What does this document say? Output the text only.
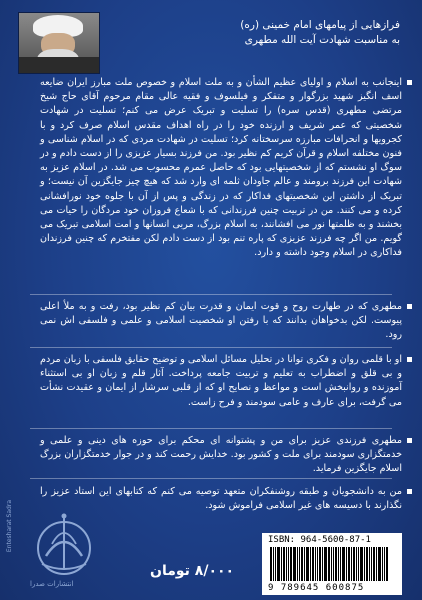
فرازهایی از پیامهای امام خمینی (ره)
به مناسبت شهادت آیت الله مطهری

اینجانب به اسلام و اولیای عظیم الشأن و به ملت اسلام و خصوص ملت مبارز ایران ضایعه اسف انگیز شهید بزرگوار و متفکر و فیلسوف و فقیه عالی مقام مرحوم آقای حاج شیخ مرتضی مطهری (قدس سره) را تسلیت و تبریک عرض می کنم؛ تسلیت در شهادت شخصیتی که عمر شریف و ارزنده خود را در راه اهداف مقدس اسلام صرف کرد و با کجرویها و انحرافات مبارزه سرسختانه کرد؛ تسلیت در شهادت مردی که در اسلام شناسی و فنون مختلفه اسلام و قرآن کریم کم نظیر بود. من فرزند بسیار عزیزی را از دست دادم و در سوگ او نشستم که از شخصیتهایی بود که حاصل عمرم محسوب می شد. در اسلام عزیز به شهادت این فرزند برومند و عالم جاودان ثلمه ای وارد شد که هیچ چیز جایگزین آن نیست؛ و تبریک از داشتن این شخصیتهای فداکار که در زندگی و پس از آن با جلوه خود نورافشانی کرده و می کنند. من در تربیت چنین فرزندانی که با شعاع فروزان خود مردگان را حیات می بخشند و به ظلمتها نور می افشانند، به اسلام بزرگ، مربی انسانها و امت اسلامی تبریک می گویم. من اگر چه فرزند عزیزی که پاره تنم بود از دست دادم لکن مفتخرم که چنین فرزندان فداکاری در اسلام وجود داشته و دارد.

مطهری که در طهارت روح و قوت ایمان و قدرت بیان کم نظیر بود، رفت و به ملأ اعلی پیوست. لکن بدخواهان بدانند که با رفتن او شخصیت اسلامی و علمی و فلسفی اش نمی رود.

او با قلمی روان و فکری توانا در تحلیل مسائل اسلامی و توضیح حقایق فلسفی با زبان مردم و بی قلق و اضطراب به تعلیم و تربیت جامعه پرداخت. آثار قلم و زبان او بی استثناء آموزنده و روانبخش است و مواعظ و نصایح او که از قلبی سرشار از ایمان و عقیدت نشأت می گرفت، برای عارف و عامی سودمند و فرح زاست.

مطهری فرزندی عزیز برای من و پشتوانه ای محکم برای حوزه های دینی و علمی و خدمتگزاری سودمند برای ملت و کشور بود. خدایش رحمت کند و در جوار خدمتگزاران بزرگ اسلام جایگزین فرماید.

من به دانشجویان و طبقه روشنفکران متعهد توصیه می کنم که کتابهای این استاد عزیز را نگذارند با دسیسه های غیر اسلامی فراموش شود.

Entesharat Sadra
انتشارات صدرا
۸/۰۰۰ تومان
ISBN: 964-5600-87-1
9 789645 600875
